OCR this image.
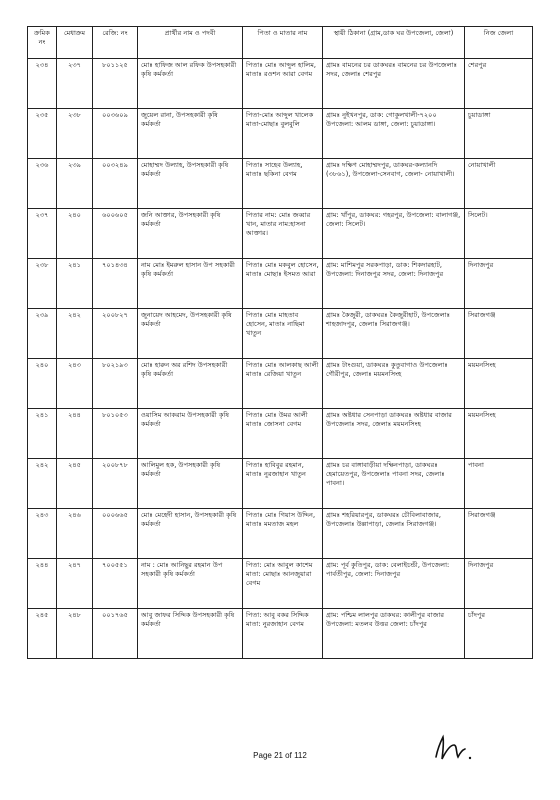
ক্রমিক নং	মেধাক্রম	রেজি: নং	প্রার্থীর নাম ও পদবী	পিতা ও মাতার নাম	স্থায়ী ঠিকানা (গ্রাম,ডাক ঘর উপজেলা, জেলা)	নিজ জেলা
২৩৪	২৩৭	৮০১১২৫	মোঃ হাফিজ আল রফিক উপসহকারী কৃষি কর্মকর্তা	পিতাঃ মোঃ আব্দুল হালিম, মাতাঃ রওশন আরা বেগম	গ্রামঃ বামনের চর ডাকঘরঃ বামনের চর উপজেলাঃ সদর, জেলাঃ শেরপুর	শেরপুর
২৩৫	২৩৮	০০৩৬০৯	জুয়েল রানা, উপসহকারী কৃষি কর্মকর্তা	পিতা-মোঃ আব্দুল খালেক মাতা-মোছাঃ বুলবুলি	গ্রামঃ নুইখনপুর, ডাক: গোকুলখালী-৭২০০ উপজেলা: আলম ডাঙ্গা, জেলা: চুয়াডাঙ্গা।	চুয়াডাঙ্গা
২৩৬	২৩৯	০০৩২৪৯	মোহাম্মদ উল্যাহ, উপসহকারী কৃষি কর্মকর্তা	পিতাঃ সাহেব উল্যাহ, মাতাঃ ছকিনা বেগম	গ্রামঃ দক্ষিণ মোহাম্মদপুর, ডাকঘর-কল্যানদি (৩৮৬১), উপজেলা-সেনবাগ, জেলা- নোয়াখালী।	নোয়াখালী
২৩৭	২৪০	৬০০৬০৫	জনি আক্তার, উপসহকারী কৃষি কর্মকর্তা	পিতার নাম: মোঃ জব্বার খান, মাতার নাম:হাসনা আক্তার।	গ্রাম: খাঁপুর, ডাকঘর: গহরপুর, উপজেলা: বালাগঞ্জ, জেলা: সিলেট।	সিলেট।
২৩৮	২৪১	৭০১৪৩৪	নাম মোঃ ইমরুল হাসান উপ সহকারী কৃষি কর্মকর্তা	পিতাঃ মোঃ মকবুল হোসেন, মাতাঃ মোছাঃ ইসমত আরা	গ্রাম: মাশিমপুর সরকপাড়া, ডাক: শিকদারহাট, উপজেলা: দিনাজপুর সদর, জেলা: দিনাজপুর	দিনাজপুর
২৩৯	২৪২	২০০৮২৭	জুনায়েদ আহমেদ, উপসহকারী কৃষি কর্মকর্তা	পিতাঃ মোঃ মাহতাব হোসেন, মাতাঃ নাছিমা খাতুন	গ্রামঃ কৈজুরী, ডাকঘরঃ কৈজুরীহাট, উপজেলাঃ শাহজাদপুর, জেলাঃ সিরাজগঞ্জ।	সিরাজগঞ্জ
২৪০	২৪৩	৮০২১৯৩	মোঃ হারুন অর রশিদ উপসহকারী কৃষি কর্মকর্তা	পিতাঃ মোঃ আলকাছ আলী মাতাঃ রেজিয়া খাতুন	গ্রামঃ টাংগুয়া, ডাকঘরঃ কুতুবাগাও উপজেলাঃ গৌরীপুর, জেলাঃ ময়মনসিংহ	ময়মনসিংহ
২৪১	২৪৪	৮০১০৫৩	ওয়াসিম আকরাম উপসহকারী কৃষি কর্মকর্তা	পিতাঃ মোঃ উমর আলী মাতাঃ জোসনা বেগম	গ্রামঃ অষ্টধার সেনপাড়া ডাকঘরঃ অষ্টধার বাজার উপজেলাঃ সদর, জেলাঃ ময়মনসিংহ	ময়মনসিংহ
২৪২	২৪৫	২০০৮৭৮	আলিমুল হক, উপসহকারী কৃষি কর্মকর্তা	পিতাঃ হাবিবুর রহমান, মাতাঃ নুরজাহান খাতুন	গ্রামঃ চর বাঙ্গাবাড়ীয়া দক্ষিনপাড়া, ডাকঘরঃ হেমায়েতপুর, উপজেলাঃ পাবনা সদর, জেলাঃ পাবনা।	পাবনা
২৪৩	২৪৬	০০০৬৬৫	মোঃ মেহেদী হাসান, উপসহকারী কৃষি কর্মকর্তা	পিতাঃ মোঃ গিয়াস উদ্দিন, মাতাঃ মমতাজ মহল	গ্রামঃ শহরিয়ারপুর, ডাকঘরঃ চৌবিলাবাজার, উপজেলাঃ উল্লাপাড়া, জেলাঃ সিরাজগঞ্জ।	সিরাজগঞ্জ
২৪৪	২৪৭	৭০০৫৫১	নাম : মোঃ আনিছুর রহমান উপ সহকারী কৃষি কর্মকর্তা	পিতা: মোঃ আবুল কাশেম মাতা: মোছাঃ আনজুয়ারা বেগম	গ্রাম: পূর্ব কুতিপুর, ডাক: বেলাইচন্ডী, উপজেলা: পার্বতীপুর, জেলা: দিনাজপুর	দিনাজপুর
২৪৫	২৪৮	০০১৭৬৫	আবু জাফর সিদ্দিক উপসহকারী কৃষি কর্মকর্তা	পিতা: আবু বকর সিদ্দিক মাতা: নুরজাহান বেগম	গ্রাম: পশ্চিম লালপুর ডাকঘর: কালীপুর বাজার উপজেলা: মতলব উত্তর জেলা: চাঁদপুর	চাঁদপুর
Page 21 of 112
